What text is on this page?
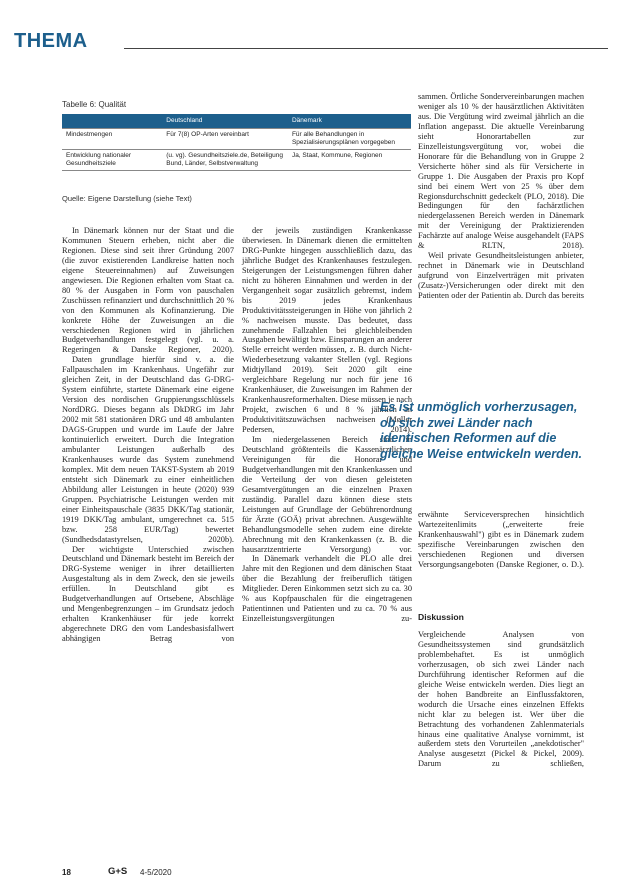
THEMA
Tabelle 6: Qualität
	Deutschland	Dänemark
Mindestmengen	Für 7(8) OP-Arten vereinbart	Für alle Behandlungen in Spezialisierungsplänen vorgegeben
Entwicklung nationaler Gesundheitsziele	(u. vg). Gesundheitsziele.de, Beteiligung Bund, Länder, Selbstverwaltung	Ja, Staat, Kommune, Regionen
Quelle: Eigene Darstellung (siehe Text)

In Dänemark können nur der Staat und die Kommunen Steuern erheben, nicht aber die Regionen. Diese sind seit ihrer Gründung 2007 (die zuvor existierenden Landkreise hatten noch eigene Steuereinnahmen) auf Zuweisungen angewiesen. Die Regionen erhalten vom Staat ca. 80 % der Ausgaben in Form von pauschalen Zuschüssen refinanziert und durchschnittlich 20 % von den Kommunen als Kofinanzierung. Die konkrete Höhe der Zuweisungen an die verschiedenen Regionen wird in jährlichen Budgetverhandlungen festgelegt (vgl. u. a. Regeringen & Danske Regioner, 2020).

Daten grundlage hierfür sind v. a. die Fallpauschalen im Krankenhaus. Ungefähr zur gleichen Zeit, in der Deutschland das G-DRG-System einführte, startete Dänemark eine eigene Version des nordischen Gruppierungsschlüssels NordDRG. Dieses begann als DkDRG im Jahr 2002 mit 581 stationären DRG und 48 ambulanten DAGS-Gruppen und wurde im Laufe der Jahre kontinuierlich erweitert. Durch die Integration ambulanter Leistungen außerhalb des Krankenhauses wurde das System zunehmend komplex. Mit dem neuen TAKST-System ab 2019 entsteht sich Dänemark zu einer einheitlichen Abbildung aller Leistungen in heute (2020) 939 Gruppen. Psychiatrische Leistungen werden mit einer Einheitspauschale (3835 DKK/Tag stationär, 1919 DKK/Tag ambulant, umgerechnet ca. 515 bzw. 258 EUR/Tag) bewertet (Sundhedsdatastyrelsen, 2020b).

Der wichtigste Unterschied zwischen Deutschland und Dänemark besteht im Bereich der DRG-Systeme weniger in ihrer detaillierten Ausgestaltung als in dem Zweck, den sie jeweils erfüllen. In Deutschland gibt es Budgetverhandlungen auf Ortsebene, Abschläge und Mengenbegrenzungen – im Grundsatz jedoch erhalten Krankenhäuser für jede korrekt abgerechnete DRG den vom Landesbasisfallwert abhängigen Betrag von

der jeweils zuständigen Krankenkasse überwiesen. In Dänemark dienen die ermittelten DRG-Punkte hingegen ausschließlich dazu, das jährliche Budget des Krankenhauses festzulegen. Steigerungen der Leistungsmengen führen daher nicht zu höheren Einnahmen und werden in der Vergangenheit sogar zusätzlich gebremst, indem bis 2019 jedes Krankenhaus Produktivitätssteigerungen in Höhe von jährlich 2 % nachweisen musste. Das bedeutet, dass zunehmende Fallzahlen bei gleichbleibenden Ausgaben bewältigt bzw. Einsparungen an anderer Stelle erreicht werden müssen, z. B. durch Nicht-Wiederbesetzung vakanter Stellen (vgl. Regions Midtjylland 2019). Seit 2020 gilt eine vergleichbare Regelung nur noch für jene 16 Krankenhäuser, die Zuweisungen im Rahmen der Krankenhausreformerhalten. Diese müssen je nach Projekt, zwischen 6 und 8 % jährlich an Produktivitätszuwächsen nachweisen (Møller Pedersen, 2014).

Im niedergelassenen Bereich sind in Deutschland größtenteils die Kassenärztlichen Vereinigungen für die Honorar- und Budgetverhandlungen mit den Krankenkassen und die Verteilung der von diesen geleisteten Gesamtvergütungen an die einzelnen Praxen zuständig. Parallel dazu können diese stets Leistungen auf Grundlage der Gebührenordnung für Ärzte (GOÄ) privat abrechnen. Ausgewählte Behandlungsmodelle sehen zudem eine direkte Abrechnung mit den Krankenkassen (z. B. die hausarztzentrierte Versorgung) vor.

In Dänemark verhandelt die PLO alle drei Jahre mit den Regionen und dem dänischen Staat über die Bezahlung der freiberuflich tätigen Mitglieder. Deren Einkommen setzt sich zu ca. 30 % aus Kopfpauschalen für die eingetragenen Patientinnen und Patienten und zu ca. 70 % aus Einzelleistungsvergütungen zu-

sammen. Örtliche Sondervereinbarungen machen weniger als 10 % der hausärztlichen Aktivitäten aus. Die Vergütung wird zweimal jährlich an die Inflation angepasst. Die aktuelle Vereinbarung sieht Honorartabellen zur Einzelleistungsvergütung vor, wobei die Honorare für die Behandlung von in Gruppe 2 Versicherte höher sind als für Versicherte in Gruppe 1. Die Ausgaben der Praxis pro Kopf sind bei einem Wert von 25 % über dem Regionsdurchschnitt gedeckelt (PLO, 2018). Die Bedingungen für den fachärztlichen niedergelassenen Bereich werden in Dänemark mit der Vereinigung der Praktizierenden Fachärzte auf analoge Weise ausgehandelt (FAPS & RLTN, 2018).

Weil private Gesundheitsleistungen anbieter, rechnet in Dänemark wie in Deutschland aufgrund von Einzelverträgen mit privaten (Zusatz-)Versicherungen oder direkt mit den Patienten oder der Patientin ab. Durch das bereits

Es ist unmöglich vorherzusagen, ob sich zwei Länder nach identischen Reformen auf die gleiche Weise entwickeln werden.

erwähnte Serviceversprechen hinsichtlich Wartezeitenlimits („erweiterte freie Krankenhauswahl") gibt es in Dänemark zudem spezifische Vereinbarungen zwischen den verschiedenen Regionen und diversen Versorgungsangeboten (Danske Regioner, o. D.).

Diskussion

Vergleichende Analysen von Gesundheitssystemen sind grundsätzlich problembehaftet. Es ist unmöglich vorherzusagen, ob sich zwei Länder nach Durchführung identischer Reformen auf die gleiche Weise entwickeln werden. Dies liegt an der hohen Bandbreite an Einflussfaktoren, wodurch die Ursache eines einzelnen Effekts nicht klar zu belegen ist. Wer über die Betrachtung des vorhandenen Zahlenmaterials hinaus eine qualitative Analyse vornimmt, ist außerdem stets den Vorurteilen „anekdotischer" Analyse ausgesetzt (Pickel & Pickel, 2009). Darum zu schließen,

18	G+S 4-5/2020
